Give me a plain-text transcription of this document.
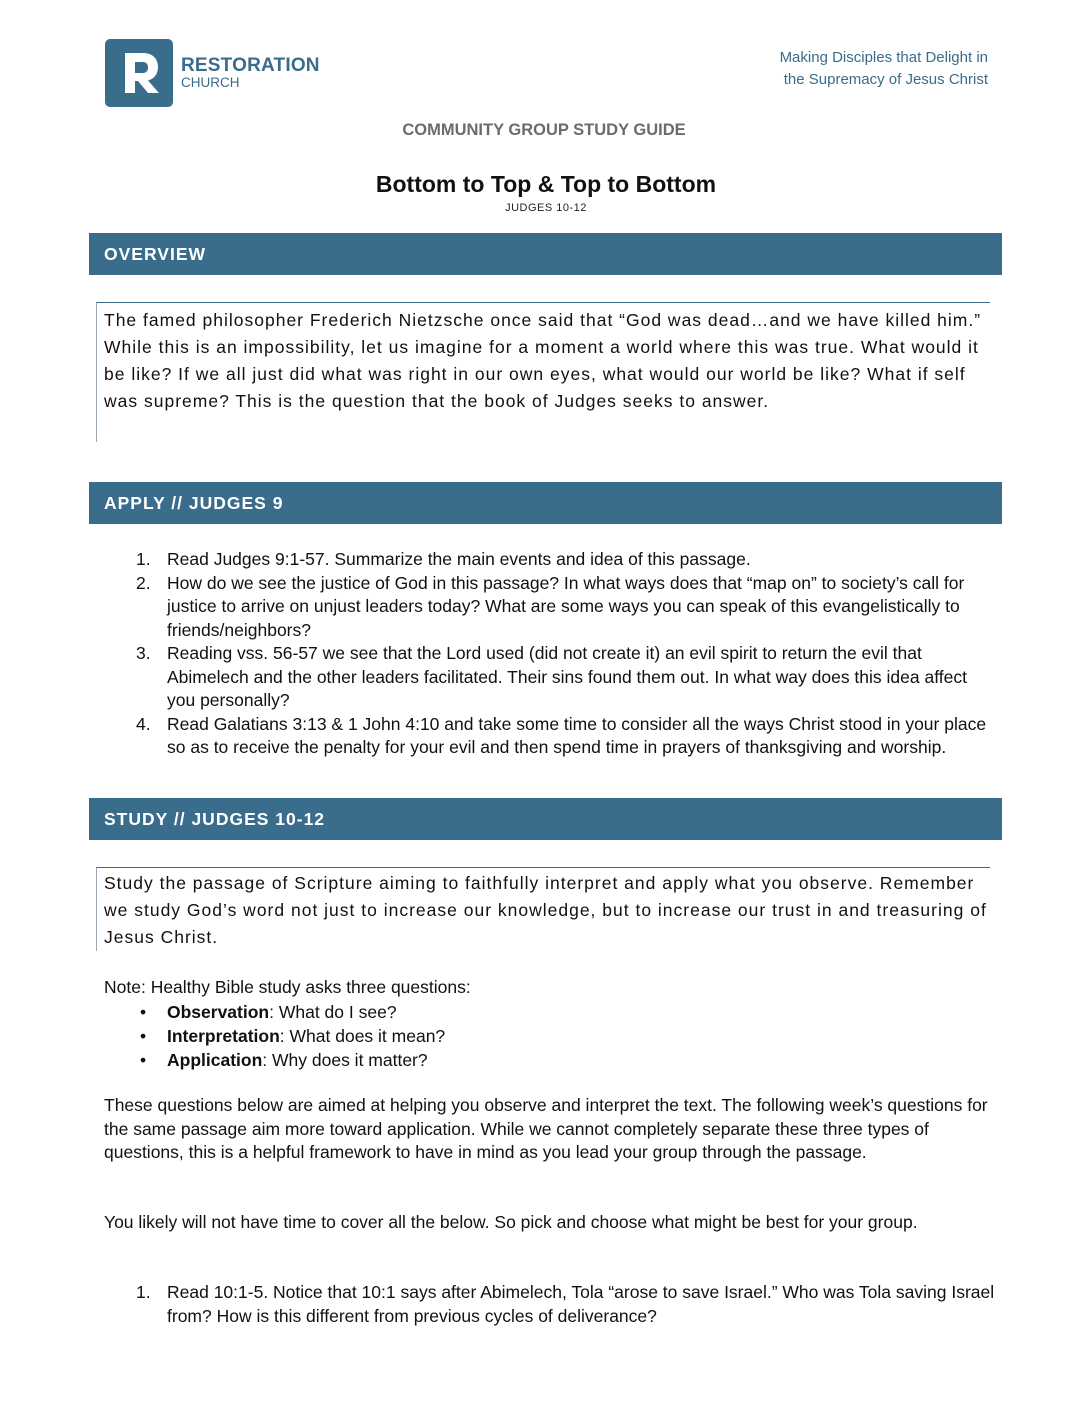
RESTORATION
CHURCH
Making Disciples that Delight in
the Supremacy of Jesus Christ
COMMUNITY GROUP STUDY GUIDE
Bottom to Top & Top to Bottom
JUDGES 10-12
OVERVIEW
The famed philosopher Frederich Nietzsche once said that “God was dead…and we have killed him.” While this is an impossibility, let us imagine for a moment a world where this was true. What would it be like? If we all just did what was right in our own eyes, what would our world be like? What if self was supreme? This is the question that the book of Judges seeks to answer.
APPLY // JUDGES 9
1. Read Judges 9:1-57. Summarize the main events and idea of this passage.
2. How do we see the justice of God in this passage? In what ways does that “map on” to society’s call for justice to arrive on unjust leaders today? What are some ways you can speak of this evangelistically to friends/neighbors?
3. Reading vss. 56-57 we see that the Lord used (did not create it) an evil spirit to return the evil that Abimelech and the other leaders facilitated. Their sins found them out. In what way does this idea affect you personally?
4. Read Galatians 3:13 & 1 John 4:10 and take some time to consider all the ways Christ stood in your place so as to receive the penalty for your evil and then spend time in prayers of thanksgiving and worship.
STUDY // JUDGES 10-12
Study the passage of Scripture aiming to faithfully interpret and apply what you observe. Remember we study God’s word not just to increase our knowledge, but to increase our trust in and treasuring of Jesus Christ.

Note: Healthy Bible study asks three questions:

• Observation: What do I see?
• Interpretation: What does it mean?
• Application: Why does it matter?

These questions below are aimed at helping you observe and interpret the text. The following week’s questions for the same passage aim more toward application. While we cannot completely separate these three types of questions, this is a helpful framework to have in mind as you lead your group through the passage.

You likely will not have time to cover all the below. So pick and choose what might be best for your group.

1. Read 10:1-5. Notice that 10:1 says after Abimelech, Tola “arose to save Israel.” Who was Tola saving Israel from? How is this different from previous cycles of deliverance?
